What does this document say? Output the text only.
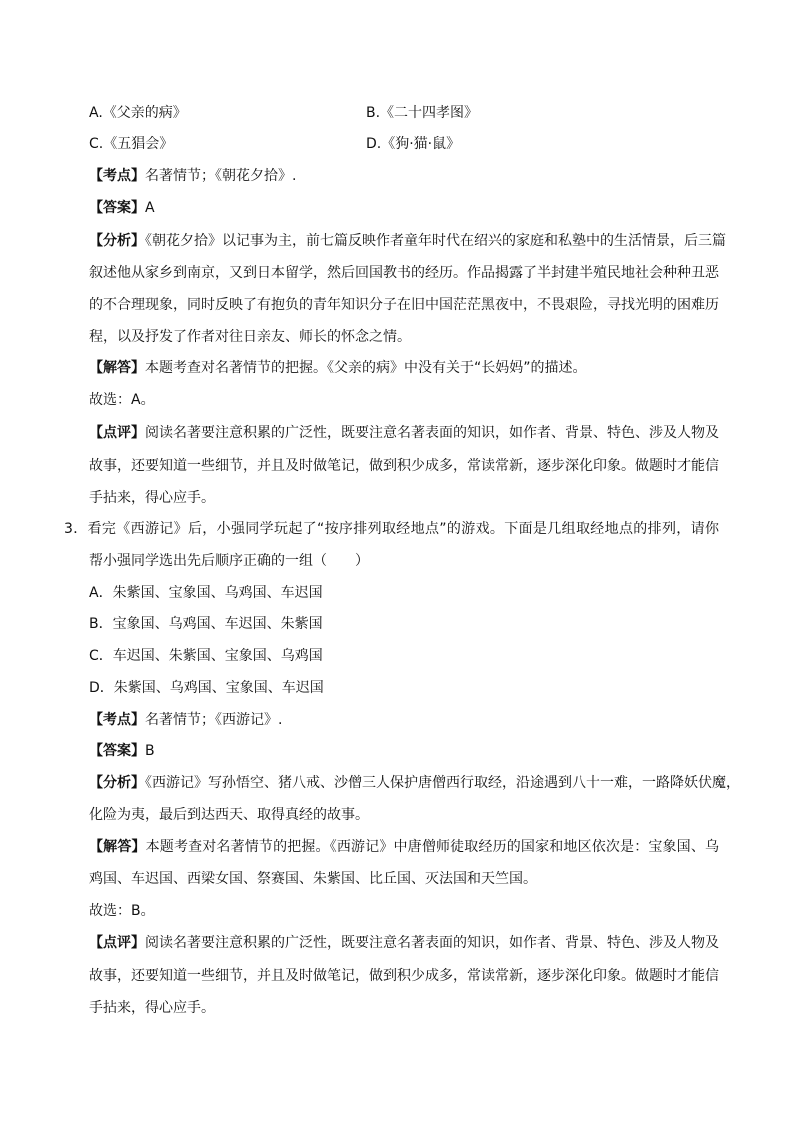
A.《父亲的病》	B.《二十四孝图》
C.《五猖会》	D.《狗·猫·鼠》
【考点】名著情节；《朝花夕拾》.
【答案】A
【分析】《朝花夕拾》以记事为主，前七篇反映作者童年时代在绍兴的家庭和私塾中的生活情景，后三篇
叙述他从家乡到南京，又到日本留学，然后回国教书的经历。作品揭露了半封建半殖民地社会种种丑恶
的不合理现象，同时反映了有抱负的青年知识分子在旧中国茫茫黑夜中，不畏艰险，寻找光明的困难历
程，以及抒发了作者对往日亲友、师长的怀念之情。
【解答】本题考查对名著情节的把握。《父亲的病》中没有关于“长妈妈”的描述。
故选：A。
【点评】阅读名著要注意积累的广泛性，既要注意名著表面的知识，如作者、背景、特色、涉及人物及
故事，还要知道一些细节，并且及时做笔记，做到积少成多，常读常新，逐步深化印象。做题时才能信
手拈来，得心应手。
3．看完《西游记》后，小强同学玩起了“按序排列取经地点”的游戏。下面是几组取经地点的排列，请你
帮小强同学选出先后顺序正确的一组（　　）
A．朱紫国、宝象国、乌鸡国、车迟国
B．宝象国、乌鸡国、车迟国、朱紫国
C．车迟国、朱紫国、宝象国、乌鸡国
D．朱紫国、乌鸡国、宝象国、车迟国
【考点】名著情节；《西游记》.
【答案】B
【分析】《西游记》写孙悟空、猪八戒、沙僧三人保护唐僧西行取经，沿途遇到八十一难，一路降妖伏魔，
化险为夷，最后到达西天、取得真经的故事。
【解答】本题考查对名著情节的把握。《西游记》中唐僧师徒取经历的国家和地区依次是：宝象国、乌
鸡国、车迟国、西梁女国、祭赛国、朱紫国、比丘国、灭法国和天竺国。
故选：B。
【点评】阅读名著要注意积累的广泛性，既要注意名著表面的知识，如作者、背景、特色、涉及人物及
故事，还要知道一些细节，并且及时做笔记，做到积少成多，常读常新，逐步深化印象。做题时才能信
手拈来，得心应手。
